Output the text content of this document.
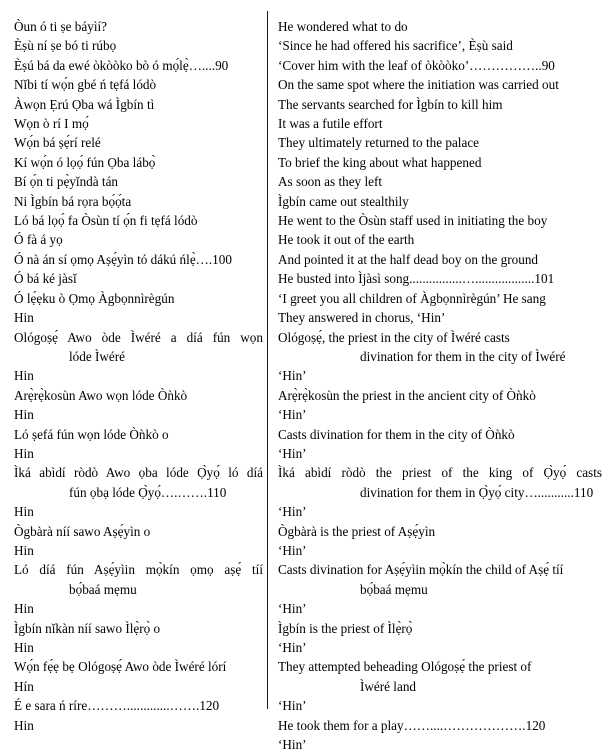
Òun ó ti ṣe báyìí?
Èṣù ní ṣe bó ti rúbọ
Èṣú bá da ewé òkòòko bò ó mọ́lẹ̀…....90
Nǐbi tí wọ́n gbé ń tẹfá lódò
Àwọn Ẹrú Ọba wá Ìgbín tì
Wọn ò rí I mọ́
Wọ́n bá ṣẹ́rí relé
Kí wọ́n ó lọọ́ fún Ọba lábọ̀
Bí ọ́n ti pẹ̀yǐndà tán
Ni Ìgbín bá rọra bọ́ọ́ta
Ló bá lọọ́ fa Òsùn tí ọ́n fi tẹfá lódò
Ó fà á yọ
Ó nà án sí ọmọ Aṣẹ́yìn tó dákú ńlẹ̀….100
Ó bá ké jàsǐ
Ó lẹ́ẹku ò Ọmọ Àgbọnnìrègún
Hin
Ológoṣẹ́ Awo òde Ìwéré a díá fún wọn
lóde Ìwéré
Hin
Arẹ̀rẹ̀kosùn Awo wọn lóde Òǹkò
Hin
Ló ṣefá fún wọn lóde Òǹkò o
Hin
Ìká abìdí ròdò Awo ọba lóde Ọ̀yọ́ ló díá
fún ọbạ lóde Ọ̀yọ́….…….110
Hin
Ògbàrà níí sawo Aṣẹ́yìn o
Hin
Ló díá fún Aṣẹ́yìin mọ̀kín ọmọ aṣẹ́ tíí
bọ́baá mẹmu
Hin
Ìgbín nǐkàn níí sawo Ìlẹ̀rọ̀ o
Hin
Wọ́n fẹ́ẹ bẹ Ológoṣẹ́ Awo òde Ìwéré lórí
Hín
É e sara ń ríre……….............…….120
Hin
He wondered what to do
‘Since he had offered his sacrifice’, Èṣù said
‘Cover him with the leaf of òkòòko’……………..90
On the same spot where the initiation was carried out
The servants searched for Ìgbín to kill him
It was a futile effort
They ultimately returned to the palace
To brief the king about what happened
As soon as they left
Ìgbín came out stealthily
He went to the Òsùn staff used in initiating the boy
He took it out of the earth
And pointed it at the half dead boy on the ground
He busted into Ìjàsì song................…..................101
‘I greet you all children of Àgbọnnìrègún’ He sang
They answered in chorus, ‘Hin’
Ológoṣẹ́, the priest in the city of Ìwéré casts
divination for them in the city of Ìwéré
‘Hin’
Arẹ̀rẹ̀kosùn the priest in the ancient city of Òǹkò
‘Hin’
Casts divination for them in the city of Òǹkò
‘Hin’
Ìká abìdí ròdò the priest of the king of Ọ̀yọ́ casts
divination for them in Ọ̀yọ́ city…...........110
‘Hin’
Ògbàrà is the priest of Aṣẹ́yìn
‘Hin’
Casts divination for Aṣẹ́yìin mọ̀kín the child of Aṣẹ́ tíí
bọ́baá mẹmu
‘Hin’
Ìgbín is the priest of Ìlẹ̀rọ̀
‘Hin’
They attempted beheading Ológoṣẹ́ the priest of
Ìwéré land
‘Hin’
He took them for a play……....……………….120
‘Hin’
